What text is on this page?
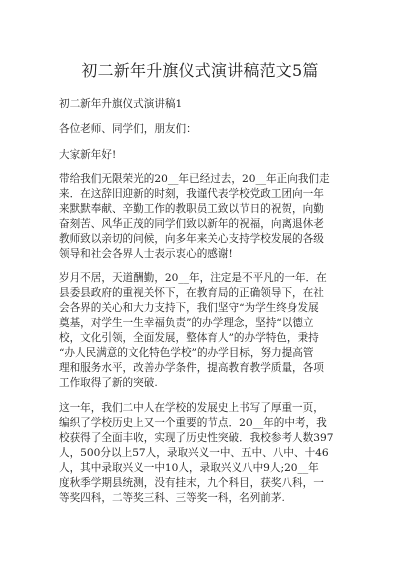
初二新年升旗仪式演讲稿范文5篇
初二新年升旗仪式演讲稿1
各位老师、同学们，朋友们：
大家新年好!
带给我们无限荣光的20__年已经过去，20__年正向我们走
来．在这辞旧迎新的时刻，我谨代表学校党政工团向一年
来默默奉献、辛勤工作的教职员工致以节日的祝贺，向勤
奋刻苦、风华正茂的同学们致以新年的祝福，向离退休老
教师致以亲切的问候，向多年来关心支持学校发展的各级
领导和社会各界人士表示衷心的感谢!
岁月不居，天道酬勤，20__年，注定是不平凡的一年．在
县委县政府的重视关怀下，在教育局的正确领导下，在社
会各界的关心和大力支持下，我们坚守“为学生终身发展
奠基，对学生一生幸福负责”的办学理念，坚持“以德立
校，文化引领，全面发展，整体育人”的办学特色，秉持
“办人民满意的文化特色学校”的办学目标，努力提高管
理和服务水平，改善办学条件，提高教育教学质量，各项
工作取得了新的突破.
这一年，我们二中人在学校的发展史上书写了厚重一页，
编织了学校历史上又一个重要的节点．20__年的中考，我
校获得了全面丰收，实现了历史性突破．我校参考人数397
人，500分以上57人，录取兴义一中、五中、八中、十46
人，其中录取兴义一中10人，录取兴义八中9人;20__年
度秋季学期县统测，没有挂末，九个科目，获奖八科，一
等奖四科，二等奖三科、三等奖一科，名列前茅.
